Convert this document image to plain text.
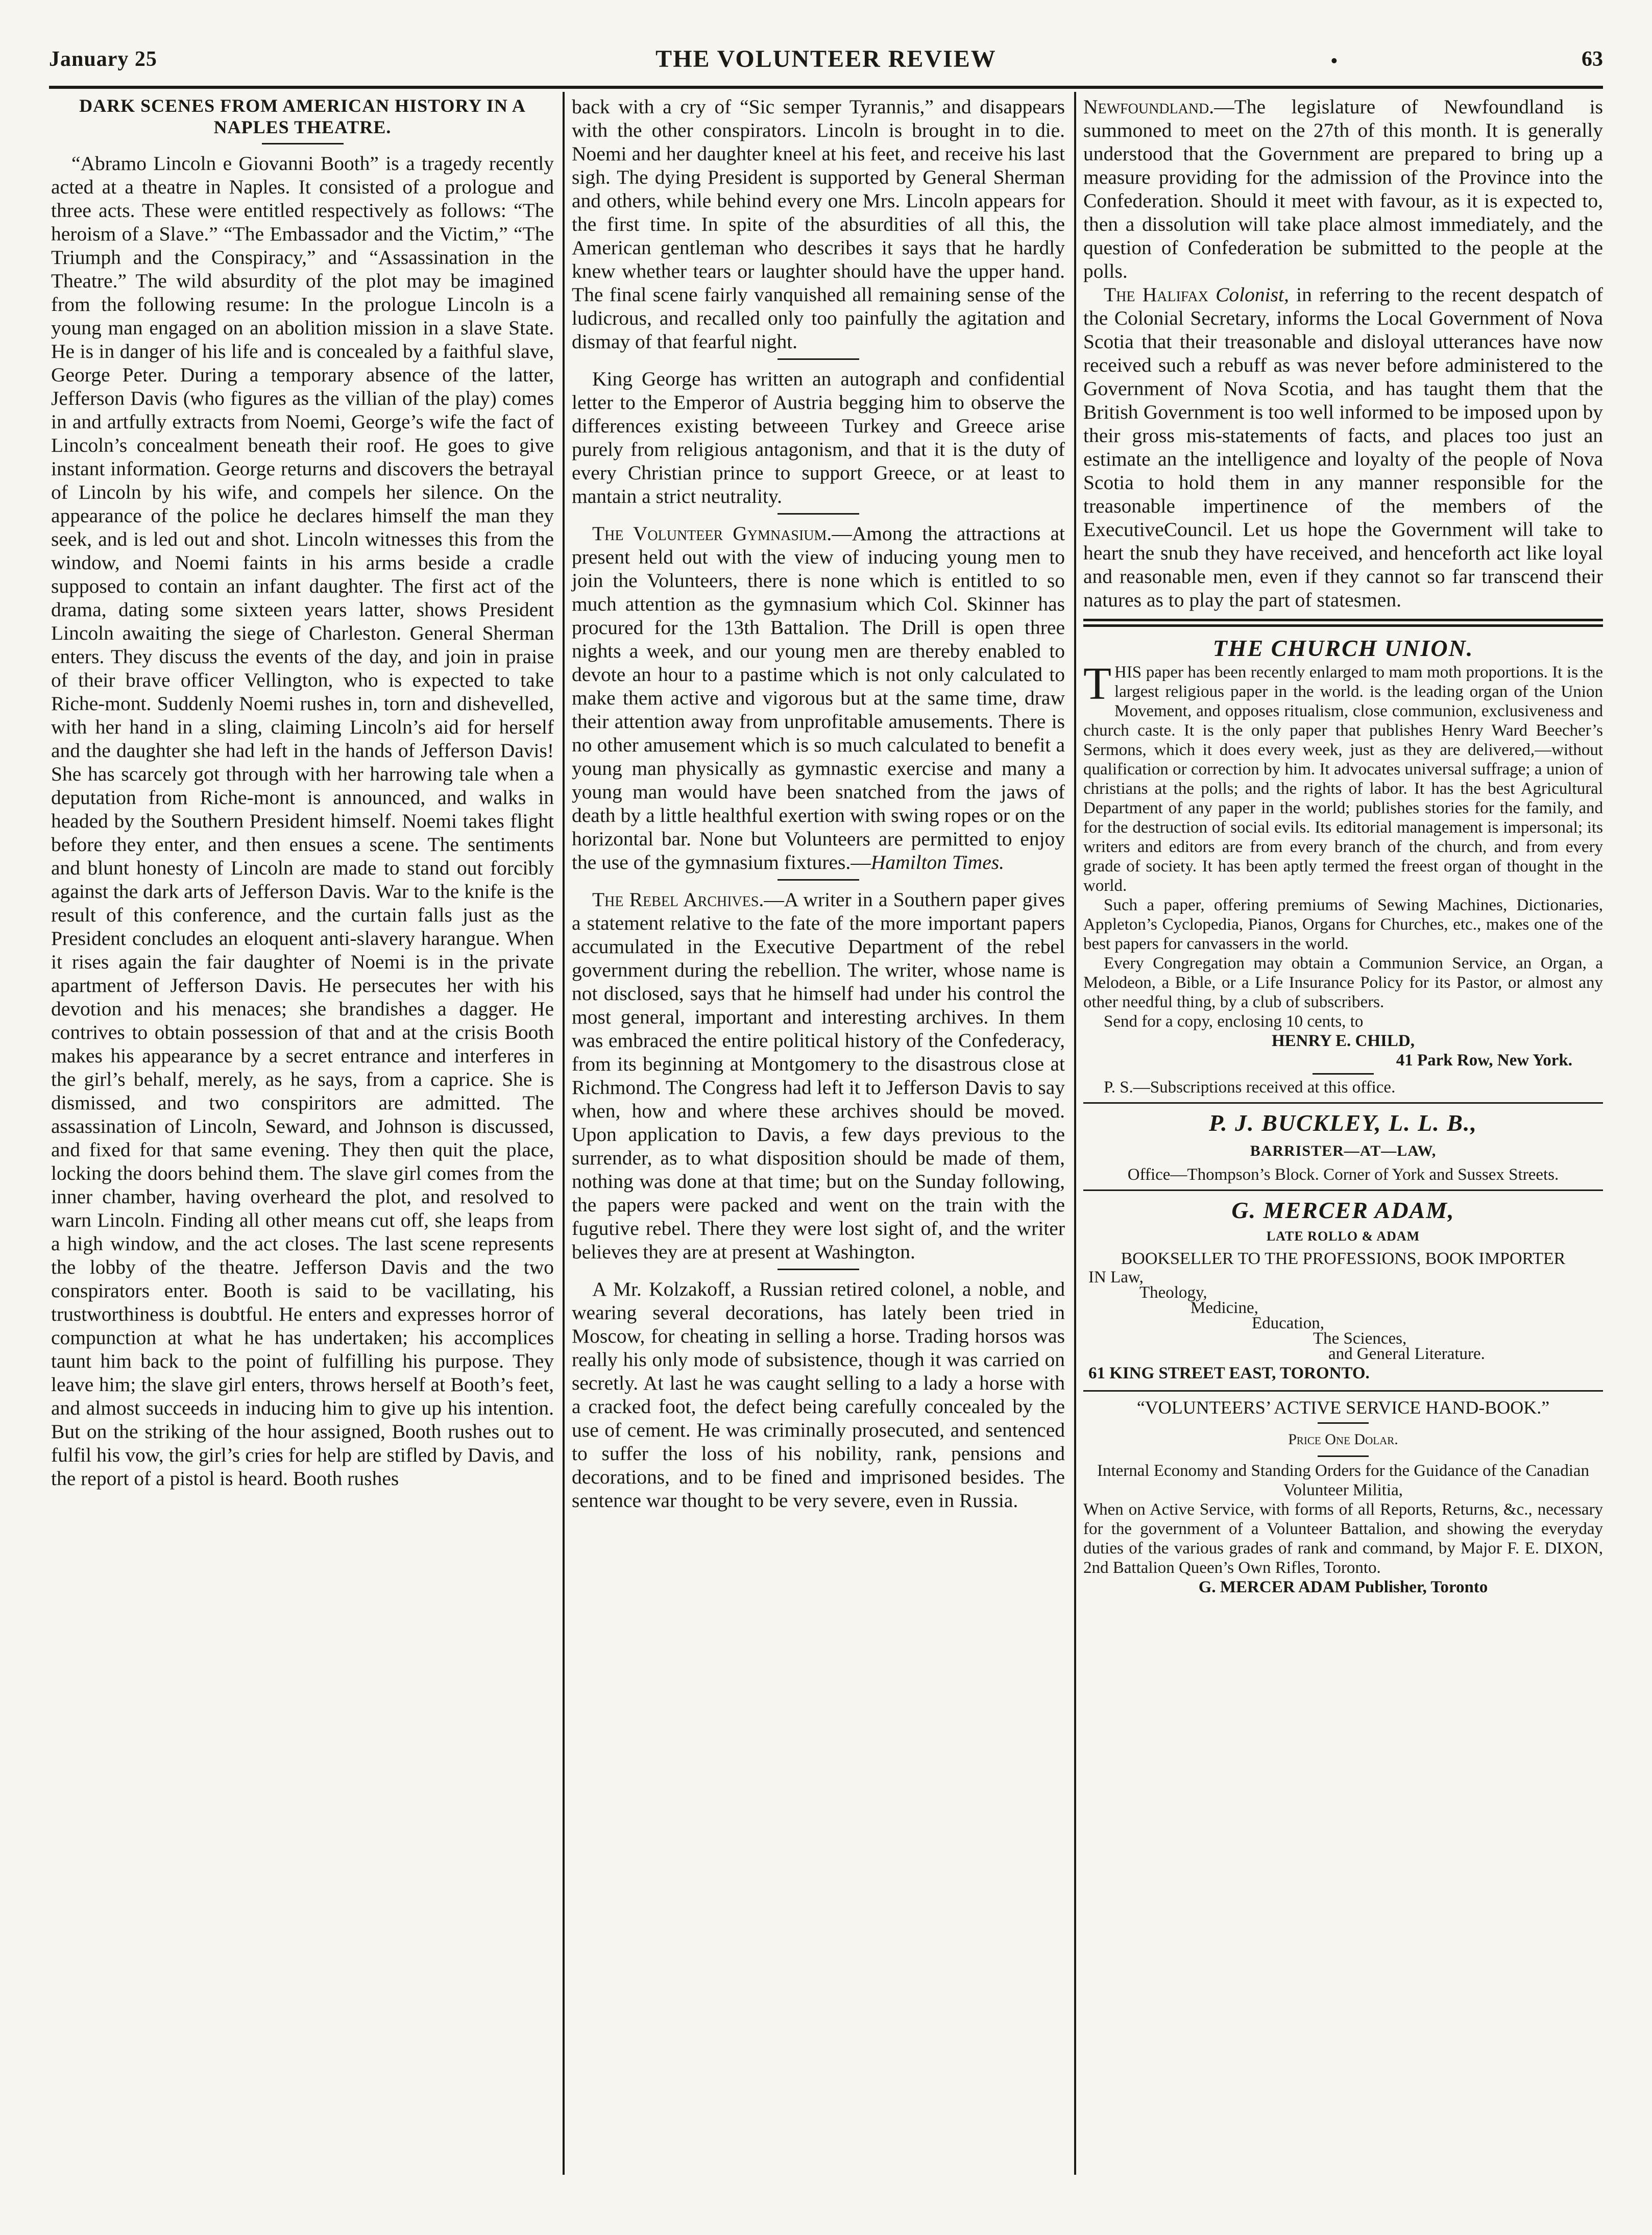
January 25	THE VOLUNTEER REVIEW	•	63
DARK SCENES FROM AMERICAN HISTORY IN A NAPLES THEATRE.

“Abramo Lincoln e Giovanni Booth” is a tragedy recently acted at a theatre in Naples. It consisted of a prologue and three acts. These were entitled respectively as follows: “The heroism of a Slave.” “The Embassador and the Victim,” “The Triumph and the Conspiracy,” and “Assassination in the Theatre.” The wild absurdity of the plot may be imagined from the following resume: In the prologue Lincoln is a young man engaged on an abolition mission in a slave State. He is in danger of his life and is concealed by a faithful slave, George Peter. During a temporary absence of the latter, Jefferson Davis (who figures as the villian of the play) comes in and artfully extracts from Noemi, George’s wife the fact of Lincoln’s concealment beneath their roof. He goes to give instant information. George returns and discovers the betrayal of Lincoln by his wife, and compels her silence. On the appearance of the police he declares himself the man they seek, and is led out and shot. Lincoln witnesses this from the window, and Noemi faints in his arms beside a cradle supposed to contain an infant daughter. The first act of the drama, dating some sixteen years latter, shows President Lincoln awaiting the siege of Charleston. General Sherman enters. They discuss the events of the day, and join in praise of their brave officer Vellington, who is expected to take Riche-mont. Suddenly Noemi rushes in, torn and dishevelled, with her hand in a sling, claiming Lincoln’s aid for herself and the daughter she had left in the hands of Jefferson Davis! She has scarcely got through with her harrowing tale when a deputation from Riche-mont is announced, and walks in headed by the Southern President himself. Noemi takes flight before they enter, and then ensues a scene. The sentiments and blunt honesty of Lincoln are made to stand out forcibly against the dark arts of Jefferson Davis. War to the knife is the result of this conference, and the curtain falls just as the President concludes an eloquent anti-slavery harangue. When it rises again the fair daughter of Noemi is in the private apartment of Jefferson Davis. He persecutes her with his devotion and his menaces; she brandishes a dagger. He contrives to obtain possession of that and at the crisis Booth makes his appearance by a secret entrance and interferes in the girl’s behalf, merely, as he says, from a caprice. She is dismissed, and two conspiritors are admitted. The assassination of Lincoln, Seward, and Johnson is discussed, and fixed for that same evening. They then quit the place, locking the doors behind them. The slave girl comes from the inner chamber, having overheard the plot, and resolved to warn Lincoln. Finding all other means cut off, she leaps from a high window, and the act closes. The last scene represents the lobby of the theatre. Jefferson Davis and the two conspirators enter. Booth is said to be vacillating, his trustworthiness is doubtful. He enters and expresses horror of compunction at what he has undertaken; his accomplices taunt him back to the point of fulfilling his purpose. They leave him; the slave girl enters, throws herself at Booth’s feet, and almost succeeds in inducing him to give up his intention. But on the striking of the hour assigned, Booth rushes out to fulfil his vow, the girl’s cries for help are stifled by Davis, and the report of a pistol is heard. Booth rushes

back with a cry of “Sic semper Tyrannis,” and disappears with the other conspirators. Lincoln is brought in to die. Noemi and her daughter kneel at his feet, and receive his last sigh. The dying President is supported by General Sherman and others, while behind every one Mrs. Lincoln appears for the first time. In spite of the absurdities of all this, the American gentleman who describes it says that he hardly knew whether tears or laughter should have the upper hand. The final scene fairly vanquished all remaining sense of the ludicrous, and recalled only too painfully the agitation and dismay of that fearful night.

King George has written an autograph and confidential letter to the Emperor of Austria begging him to observe the differences existing betweeen Turkey and Greece arise purely from religious antagonism, and that it is the duty of every Christian prince to support Greece, or at least to mantain a strict neutrality.

The Volunteer Gymnasium.—Among the attractions at present held out with the view of inducing young men to join the Volunteers, there is none which is entitled to so much attention as the gymnasium which Col. Skinner has procured for the 13th Battalion. The Drill is open three nights a week, and our young men are thereby enabled to devote an hour to a pastime which is not only calculated to make them active and vigorous but at the same time, draw their attention away from unprofitable amusements. There is no other amusement which is so much calculated to benefit a young man physically as gymnastic exercise and many a young man would have been snatched from the jaws of death by a little healthful exertion with swing ropes or on the horizontal bar. None but Volunteers are permitted to enjoy the use of the gymnasium fixtures.—Hamilton Times.

The Rebel Archives.—A writer in a Southern paper gives a statement relative to the fate of the more important papers accumulated in the Executive Department of the rebel government during the rebellion. The writer, whose name is not disclosed, says that he himself had under his control the most general, important and interesting archives. In them was embraced the entire political history of the Confederacy, from its beginning at Montgomery to the disastrous close at Richmond. The Congress had left it to Jefferson Davis to say when, how and where these archives should be moved. Upon application to Davis, a few days previous to the surrender, as to what disposition should be made of them, nothing was done at that time; but on the Sunday following, the papers were packed and went on the train with the fugutive rebel. There they were lost sight of, and the writer believes they are at present at Washington.

A Mr. Kolzakoff, a Russian retired colonel, a noble, and wearing several decorations, has lately been tried in Moscow, for cheating in selling a horse. Trading horsos was really his only mode of subsistence, though it was carried on secretly. At last he was caught selling to a lady a horse with a cracked foot, the defect being carefully concealed by the use of cement. He was criminally prosecuted, and sentenced to suffer the loss of his nobility, rank, pensions and decorations, and to be fined and imprisoned besides. The sentence war thought to be very severe, even in Russia.

Newfoundland.—The legislature of Newfoundland is summoned to meet on the 27th of this month. It is generally understood that the Government are prepared to bring up a measure providing for the admission of the Province into the Confederation. Should it meet with favour, as it is expected to, then a dissolution will take place almost immediately, and the question of Confederation be submitted to the people at the polls.

The Halifax Colonist, in referring to the recent despatch of the Colonial Secretary, informs the Local Government of Nova Scotia that their treasonable and disloyal utterances have now received such a rebuff as was never before administered to the Government of Nova Scotia, and has taught them that the British Government is too well informed to be imposed upon by their gross mis-statements of facts, and places too just an estimate an the intelligence and loyalty of the people of Nova Scotia to hold them in any manner responsible for the treasonable impertinence of the members of the ExecutiveCouncil. Let us hope the Government will take to heart the snub they have received, and henceforth act like loyal and reasonable men, even if they cannot so far transcend their natures as to play the part of statesmen.

THE CHURCH UNION.

THIS paper has been recently enlarged to mam moth proportions. It is the largest religious paper in the world. is the leading organ of the Union Movement, and opposes ritualism, close communion, exclusiveness and church caste. It is the only paper that publishes Henry Ward Beecher’s Sermons, which it does every week, just as they are delivered,—without qualification or correction by him. It advocates universal suffrage; a union of christians at the polls; and the rights of labor. It has the best Agricultural Department of any paper in the world; publishes stories for the family, and for the destruction of social evils. Its editorial management is impersonal; its writers and editors are from every branch of the church, and from every grade of society. It has been aptly termed the freest organ of thought in the world.

Such a paper, offering premiums of Sewing Machines, Dictionaries, Appleton’s Cyclopedia, Pianos, Organs for Churches, etc., makes one of the best papers for canvassers in the world.

Every Congregation may obtain a Communion Service, an Organ, a Melodeon, a Bible, or a Life Insurance Policy for its Pastor, or almost any other needful thing, by a club of subscribers.

Send for a copy, enclosing 10 cents, to

HENRY E. CHILD,
41 Park Row, New York.

P. S.—Subscriptions received at this office.

P. J. BUCKLEY, L. L. B.,
BARRISTER—AT—LAW,
Office—Thompson’s Block. Corner of York and Sussex Streets.
G. MERCER ADAM,
LATE ROLLO & ADAM
BOOKSELLER TO THE PROFESSIONS, BOOK IMPORTER
IN Law,
Theology,
Medicine,
Education,
The Sciences,
and General Literature.
61 KING STREET EAST, TORONTO.
“VOLUNTEERS’ ACTIVE SERVICE HAND-BOOK.”
Price One Dolar.
Internal Economy and Standing Orders for the Guidance of the Canadian Volunteer Militia,
When on Active Service, with forms of all Reports, Returns, &c., necessary for the government of a Volunteer Battalion, and showing the everyday duties of the various grades of rank and command, by Major F. E. DIXON, 2nd Battalion Queen’s Own Rifles, Toronto.
G. MERCER ADAM Publisher, Toronto
